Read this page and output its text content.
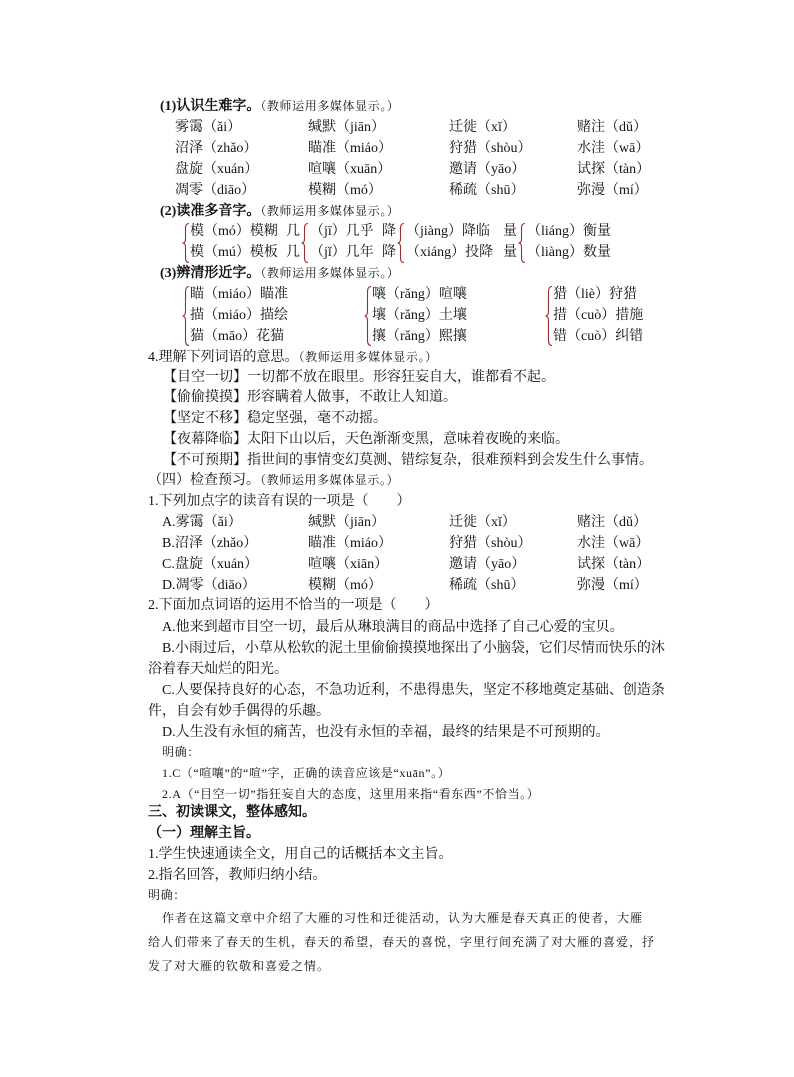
(1)认识生难字。（教师运用多媒体显示。）
雾霭（ǎi）	缄默（jiān）	迁徙（xǐ）	赌注（dǔ）
沼泽（zhǎo）	瞄准（miáo）	狩猎（shòu）	水洼（wā）
盘旋（xuán）	喧嚷（xuān）	邀请（yāo）	试探（tàn）
凋零（diāo）	模糊（mó）	稀疏（shū）	弥漫（mí）
(2)读准多音字。（教师运用多媒体显示。）
模（mó）模糊 几 （jī）几乎 降 （jiàng）降临 量 （liáng）衡量
模（mú）模板 几 （jǐ）几年 降 （xiáng）投降 量 （liàng）数量
(3)辨清形近字。（教师运用多媒体显示。）
瞄（miáo）瞄准	嚷（rǎng）喧嚷	猎（liè）狩猎
描（miáo）描绘	壤（rǎng）土壤	措（cuò）措施
猫（māo）花猫	攘（rǎng）熙攘	错（cuò）纠错
4.理解下列词语的意思。（教师运用多媒体显示。）
【目空一切】一切都不放在眼里。形容狂妄自大，谁都看不起。
【偷偷摸摸】形容瞒着人做事，不敢让人知道。
【坚定不移】稳定坚强，毫不动摇。
【夜幕降临】太阳下山以后，天色渐渐变黑，意味着夜晚的来临。
【不可预期】指世间的事情变幻莫测、错综复杂，很难预料到会发生什么事情。
（四）检查预习。（教师运用多媒体显示。）
1.下列加点字的读音有误的一项是（　　）
A.雾霭（ǎi）	缄默（jiān）	迁徙（xǐ）	赌注（dǔ）
B.沼泽（zhǎo）	瞄准（miáo）	狩猎（shòu）	水洼（wā）
C.盘旋（xuán）	喧嚷（xiān）	邀请（yāo）	试探（tàn）
D.凋零（diāo）	模糊（mó）	稀疏（shū）	弥漫（mí）
2.下面加点词语的运用不恰当的一项是（　　）
A.他来到超市目空一切，最后从琳琅满目的商品中选择了自己心爱的宝贝。
B.小雨过后，小草从松软的泥土里偷偷摸摸地探出了小脑袋，它们尽情而快乐的沐
浴着春天灿烂的阳光。
C.人要保持良好的心态，不急功近利，不患得患失，坚定不移地奠定基础、创造条
件，自会有妙手偶得的乐趣。
D.人生没有永恒的痛苦，也没有永恒的幸福，最终的结果是不可预期的。
明确：
1.C（“喧嚷”的“喧”字，正确的读音应该是“xuān”。）
2.A（“目空一切”指狂妄自大的态度，这里用来指“看东西”不恰当。）
三、初读课文，整体感知。
（一）理解主旨。
1.学生快速通读全文，用自己的话概括本文主旨。
2.指名回答，教师归纳小结。
明确：
作者在这篇文章中介绍了大雁的习性和迁徙活动，认为大雁是春天真正的使者，大雁
给人们带来了春天的生机，春天的希望，春天的喜悦，字里行间充满了对大雁的喜爱，抒
发了对大雁的钦敬和喜爱之情。
